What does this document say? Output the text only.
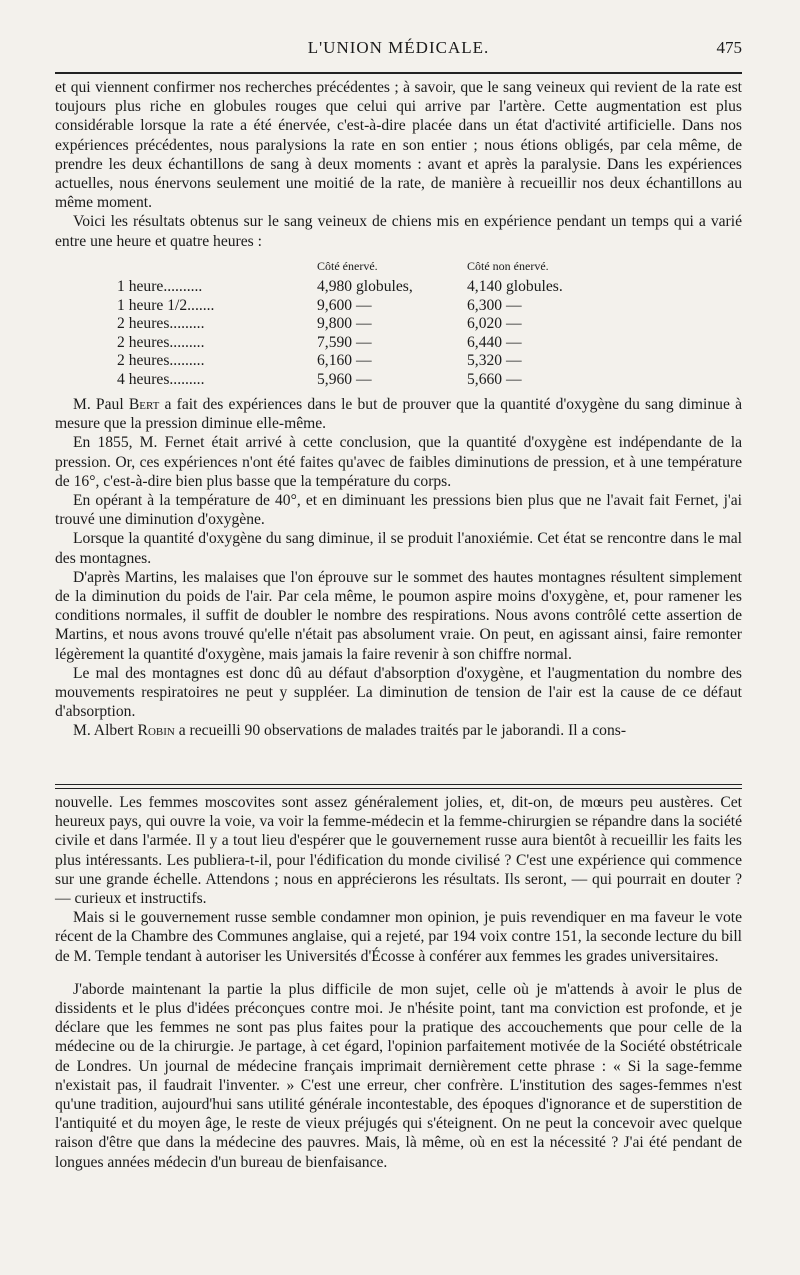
L'UNION MÉDICALE.	475

et qui viennent confirmer nos recherches précédentes ; à savoir, que le sang veineux qui revient de la rate est toujours plus riche en globules rouges que celui qui arrive par l'artère. Cette augmentation est plus considérable lorsque la rate a été énervée, c'est-à-dire placée dans un état d'activité artificielle. Dans nos expériences précédentes, nous paralysions la rate en son entier ; nous étions obligés, par cela même, de prendre les deux échantillons de sang à deux moments : avant et après la paralysie. Dans les expériences actuelles, nous énervons seulement une moitié de la rate, de manière à recueillir nos deux échantillons au même moment.

Voici les résultats obtenus sur le sang veineux de chiens mis en expérience pendant un temps qui a varié entre une heure et quatre heures :

	Côté énervé.	Côté non énervé.
1 heure..........	4,980 globules,	4,140 globules.
1 heure 1/2.......	9,600 —	6,300 —
2 heures.........	9,800 —	6,020 —
2 heures.........	7,590 —	6,440 —
2 heures.........	6,160 —	5,320 —
4 heures.........	5,960 —	5,660 —

M. Paul Bert a fait des expériences dans le but de prouver que la quantité d'oxygène du sang diminue à mesure que la pression diminue elle-même.

En 1855, M. Fernet était arrivé à cette conclusion, que la quantité d'oxygène est indépendante de la pression. Or, ces expériences n'ont été faites qu'avec de faibles diminutions de pression, et à une température de 16°, c'est-à-dire bien plus basse que la température du corps.

En opérant à la température de 40°, et en diminuant les pressions bien plus que ne l'avait fait Fernet, j'ai trouvé une diminution d'oxygène.

Lorsque la quantité d'oxygène du sang diminue, il se produit l'anoxiémie. Cet état se rencontre dans le mal des montagnes.

D'après Martins, les malaises que l'on éprouve sur le sommet des hautes montagnes résultent simplement de la diminution du poids de l'air. Par cela même, le poumon aspire moins d'oxygène, et, pour ramener les conditions normales, il suffit de doubler le nombre des respirations. Nous avons contrôlé cette assertion de Martins, et nous avons trouvé qu'elle n'était pas absolument vraie. On peut, en agissant ainsi, faire remonter légèrement la quantité d'oxygène, mais jamais la faire revenir à son chiffre normal.

Le mal des montagnes est donc dû au défaut d'absorption d'oxygène, et l'augmentation du nombre des mouvements respiratoires ne peut y suppléer. La diminution de tension de l'air est la cause de ce défaut d'absorption.

M. Albert Robin a recueilli 90 observations de malades traités par le jaborandi. Il a cons-

nouvelle. Les femmes moscovites sont assez généralement jolies, et, dit-on, de mœurs peu austères. Cet heureux pays, qui ouvre la voie, va voir la femme-médecin et la femme-chirurgien se répandre dans la société civile et dans l'armée. Il y a tout lieu d'espérer que le gouvernement russe aura bientôt à recueillir les faits les plus intéressants. Les publiera-t-il, pour l'édification du monde civilisé ? C'est une expérience qui commence sur une grande échelle. Attendons ; nous en apprécierons les résultats. Ils seront, — qui pourrait en douter ? — curieux et instructifs.

Mais si le gouvernement russe semble condamner mon opinion, je puis revendiquer en ma faveur le vote récent de la Chambre des Communes anglaise, qui a rejeté, par 194 voix contre 151, la seconde lecture du bill de M. Temple tendant à autoriser les Universités d'Écosse à conférer aux femmes les grades universitaires.

J'aborde maintenant la partie la plus difficile de mon sujet, celle où je m'attends à avoir le plus de dissidents et le plus d'idées préconçues contre moi. Je n'hésite point, tant ma conviction est profonde, et je déclare que les femmes ne sont pas plus faites pour la pratique des accouchements que pour celle de la médecine ou de la chirurgie. Je partage, à cet égard, l'opinion parfaitement motivée de la Société obstétricale de Londres. Un journal de médecine français imprimait dernièrement cette phrase : « Si la sage-femme n'existait pas, il faudrait l'inventer. » C'est une erreur, cher confrère. L'institution des sages-femmes n'est qu'une tradition, aujourd'hui sans utilité générale incontestable, des époques d'ignorance et de superstition de l'antiquité et du moyen âge, le reste de vieux préjugés qui s'éteignent. On ne peut la concevoir avec quelque raison d'être que dans la médecine des pauvres. Mais, là même, où en est la nécessité ? J'ai été pendant de longues années médecin d'un bureau de bienfaisance.
